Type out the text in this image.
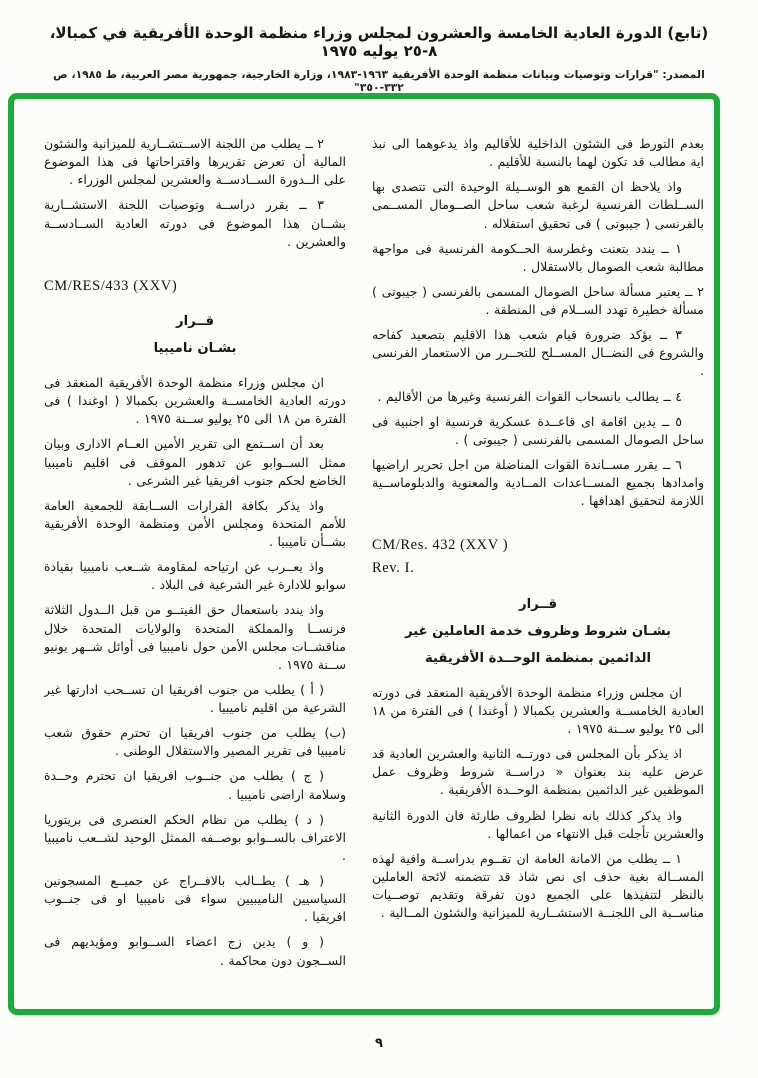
(تابع) الدورة العادية الخامسة والعشرون لمجلس وزراء منظمة الوحدة الأفريقية في كمبالا، ٨-٢٥ يوليه ١٩٧٥
المصدر: "قرارات وتوصيات وبيانات منظمة الوحدة الأفريقية ١٩٦٣-١٩٨٣، وزارة الخارجية، جمهورية مصر العربية، ط ١٩٨٥، ص ٣٣٢-٣٥٠"

بعدم التورط فى الشئون الداخلية للأقاليم واذ يدعوهما الى نبذ اية مطالب قد تكون لهما بالنسبة للأقليم .

واذ يلاحظ ان القمع هو الوســيلة الوحيدة التى تتصدى بها الســلطات الفرنسية لرغبة شعب ساحل الصــومال المســمى بالفرنسى ( جيبوتى ) فى تحقيق استقلاله .

١ ــ يندد بتعنت وغطرسة الحــكومة الفرنسية فى مواجهة مطالبة شعب الصومال بالاستقلال .

٢ ــ يعتبر مسألة ساحل الصومال المسمى بالفرنسى ( جيبوتى ) مسألة خطيرة تهدد الســلام فى المنطقة .

٣ ــ يؤكد ضرورة قيام شعب هذا الاقليم بتصعيد كفاحه والشروع فى النضــال المســلح للتحــرر من الاستعمار الفرنسى .

٤ ــ يطالب بانسحاب القوات الفرنسية وغيرها من الأقاليم .

٥ ــ يدين اقامة اى قاعــدة عسكرية فرنسية او اجنبية فى ساحل الصومال المسمى بالفرنسى ( جيبوتى ) .

٦ ــ يقرر مســاندة القوات المناضلة من اجل تحرير اراضيها وامدادها بجميع المســاعدات المــادية والمعنوية والدبلوماســية اللازمة لتحقيق اهدافها .

CM/Res. 432 (XXV )
Rev. I.
قــرار
بشـان شروط وظروف خدمة العاملين غير
الدائمين بمنظمة الوحــدة الأفريقية

ان مجلس وزراء منظمة الوحدة الأفريقية المنعقد فى دورته العادية الخامســة والعشرين بكمبالا ( أوغندا ) فى الفترة من ١٨ الى ٢٥ يوليو ســنة ١٩٧٥ .

اذ يذكر بأن المجلس فى دورتــه الثانية والعشرين العادية قد عرض عليه بند بعنوان « دراســة شروط وظروف عمل الموظفين غير الدائمين بمنظمة الوحــدة الأفريقية .

واذ يذكر كذلك بانه نظرا لظروف طارئة فان الدورة الثانية والعشرين تأجلت قبل الانتهاء من اعمالها .

١ ــ يطلب من الامانة العامة ان تقــوم بدراســة وافية لهذه المســالة بغية حذف اى نص شاذ قد تتضمنه لائحة العاملين بالنظر لتنفيذها على الجميع دون تفرقة وتقديم توصــيات مناســبة الى اللجنــة الاستشــارية للميزانية والشئون المــالية .

٢ ــ يطلب من اللجنة الاســتشــارية للميزانية والشئون المالية أن تعرض تقريرها واقتراحاتها فى هذا الموضوع على الــدورة الســادســة والعشرين لمجلس الوزراء .

٣ ــ يقرر دراســة وتوصيات اللجنة الاستشــارية بشــان هذا الموضوع فى دورته العادية الســادســة والعشرين .

CM/RES/433 (XXV)
قــرار
بشـان ناميبيا

ان مجلس وزراء منظمة الوحدة الأفريقية المنعقد فى دورته العادية الخامســة والعشرين بكمبالا ( اوغندا ) فى الفترة من ١٨ الى ٢٥ يوليو ســنة ١٩٧٥ .

بعد أن اســتمع الى تقرير الأمين العــام الادارى وبيان ممثل الســوابو عن تدهور الموقف فى اقليم ناميبيا الخاضع لحكم جنوب افريقيا غير الشرعى .

واذ يذكر بكافة القرارات الســابقة للجمعية العامة للأمم المتحدة ومجلس الأمن ومنظمة الوحدة الأفريقية بشــأن ناميبيا .

واذ يعــرب عن ارتياحه لمقاومة شــعب ناميبيا بقيادة سوابو للادارة غير الشرعية فى البلاد .

واذ يندد باستعمال حق الفيتــو من قبل الــدول الثلاثة فرنســا والمملكة المتحدة والولايات المتحدة خلال مناقشــات مجلس الأمن حول ناميبيا فى أوائل شــهر يونيو ســنة ١٩٧٥ .

( أ ) يطلب من جنوب افريقيا ان تســحب ادارتها غير الشرعية من اقليم ناميبيا .

(ب) يطلب من جنوب افريقيا ان تحترم حقوق شعب ناميبيا فى تقرير المصير والاستقلال الوطنى .

( ج ) يطلب من جنــوب افريقيا ان تحترم وحــدة وسلامة اراضى ناميبيا .

( د ) يطلب من نظام الحكم العنصرى فى بريتوريا الاعتراف بالســوابو بوصــفه الممثل الوحيد لشــعب ناميبيا .

( هـ ) يطــالب بالافــراج عن جميــع المسجونين السياسيين الناميبيين سواء فى ناميبيا او فى جنــوب افريقيا .

( و ) يدين زج اعضاء الســوابو ومؤيديهم فى الســجون دون محاكمة .

٩
